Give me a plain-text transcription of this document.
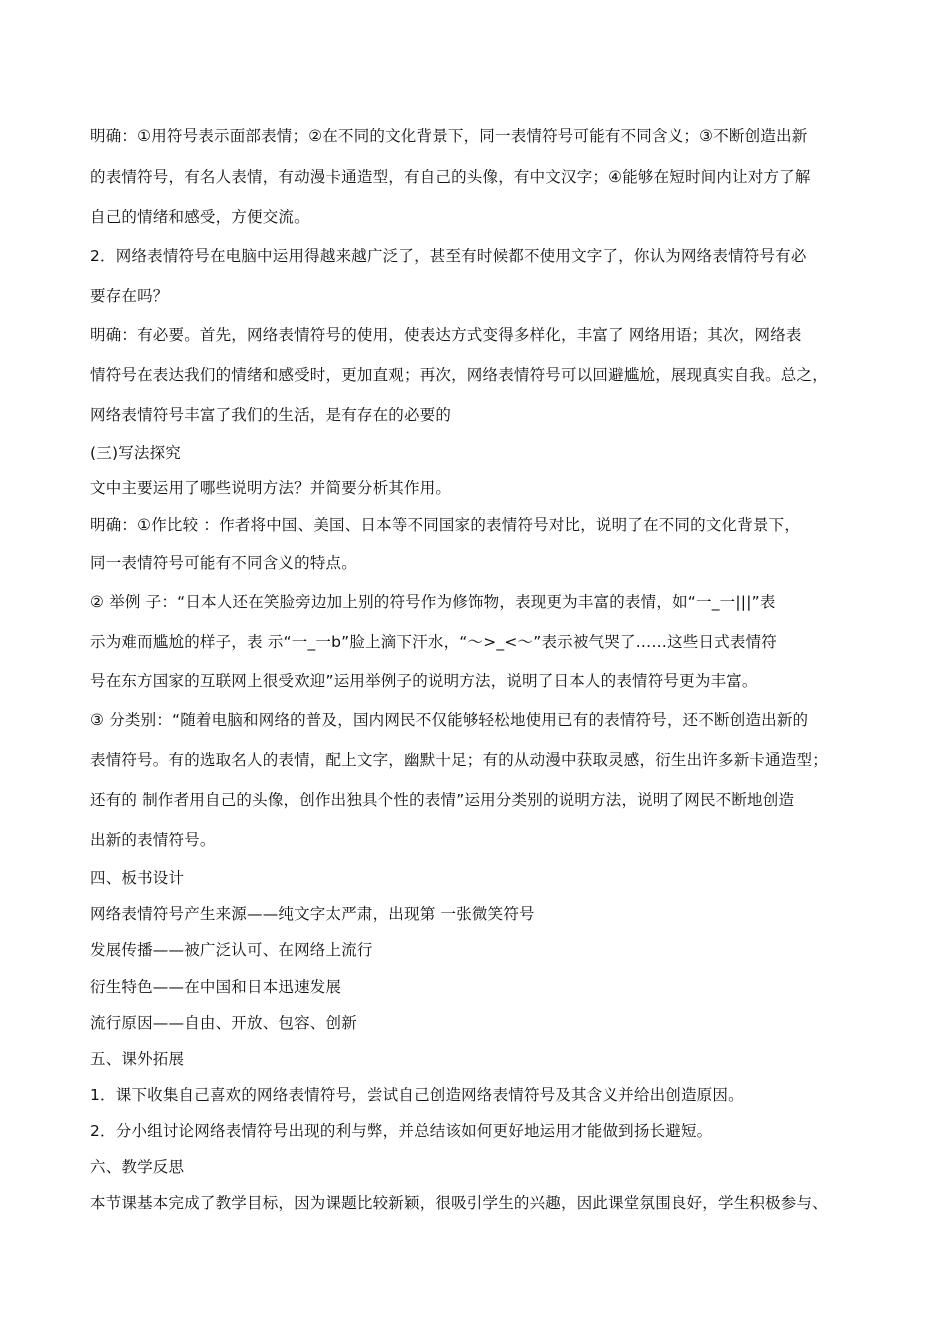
明确：①用符号表示面部表情；②在不同的文化背景下，同一表情符号可能有不同含义；③不断创造出新
的表情符号，有名人表情，有动漫卡通造型，有自己的头像，有中文汉字；④能够在短时间内让对方了解
自己的情绪和感受，方便交流。
2．网络表情符号在电脑中运用得越来越广泛了，甚至有时候都不使用文字了，你认为网络表情符号有必
要存在吗？
明确：有必要。首先，网络表情符号的使用，使表达方式变得多样化，丰富了 网络用语；其次，网络表
情符号在表达我们的情绪和感受时，更加直观；再次，网络表情符号可以回避尴尬，展现真实自我。总之，
网络表情符号丰富了我们的生活，是有存在的必要的
(三)写法探究
文中主要运用了哪些说明方法？并简要分析其作用。
明确：①作比较 ：作者将中国、美国、日本等不同国家的表情符号对比，说明了在不同的文化背景下，
同一表情符号可能有不同含义的特点。
② 举例 子：“日本人还在笑脸旁边加上别的符号作为修饰物，表现更为丰富的表情，如“一_一|||”表
示为难而尴尬的样子，表 示“一_一b”脸上滴下汗水，“～>_<～”表示被气哭了……这些日式表情符
号在东方国家的互联网上很受欢迎”运用举例子的说明方法，说明了日本人的表情符号更为丰富。
③ 分类别：“随着电脑和网络的普及，国内网民不仅能够轻松地使用已有的表情符号，还不断创造出新的
表情符号。有的选取名人的表情，配上文字，幽默十足；有的从动漫中获取灵感，衍生出许多新卡通造型；
还有的 制作者用自己的头像，创作出独具个性的表情”运用分类别的说明方法，说明了网民不断地创造
出新的表情符号。
四、板书设计
网络表情符号产生来源——纯文字太严肃，出现第 一张微笑符号
发展传播——被广泛认可、在网络上流行
衍生特色——在中国和日本迅速发展
流行原因——自由、开放、包容、创新
五、课外拓展
1．课下收集自己喜欢的网络表情符号，尝试自己创造网络表情符号及其含义并给出创造原因。
2．分小组讨论网络表情符号出现的利与弊，并总结该如何更好地运用才能做到扬长避短。
六、教学反思
本节课基本完成了教学目标，因为课题比较新颖，很吸引学生的兴趣，因此课堂氛围良好，学生积极参与、
